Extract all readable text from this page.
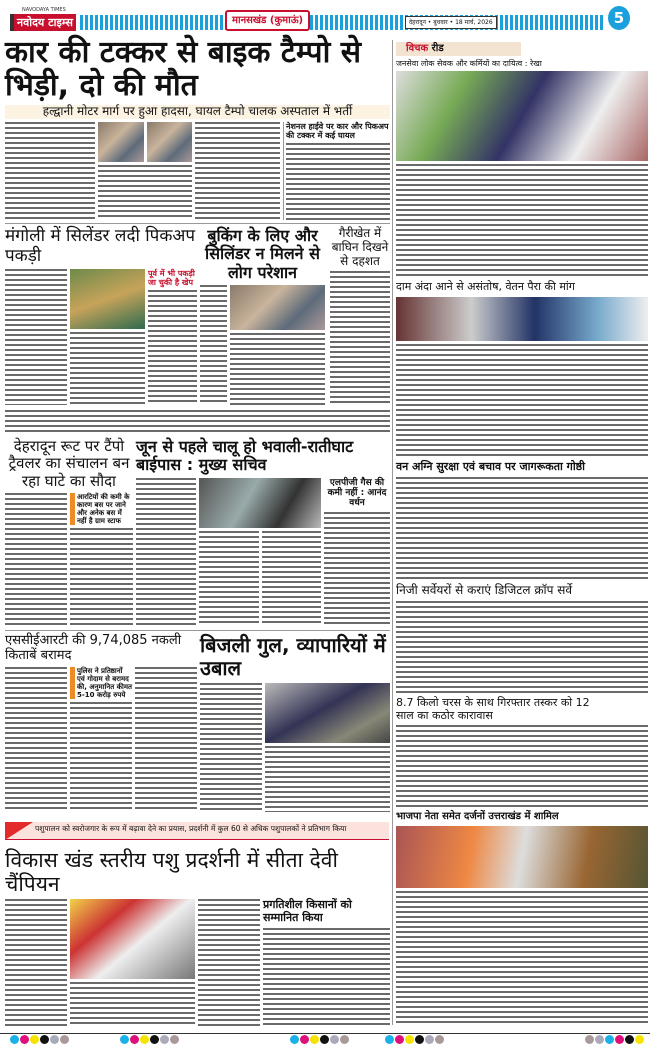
NAVODAYA TIMES
नवोदय टाइम्स	मानसखंड (कुमाऊं)	देहरादून • बुधवार • 18 मार्च, 2026	5
कार की टक्कर से बाइक टैम्पो से भिड़ी, दो की मौत
हल्द्वानी मोटर मार्ग पर हुआ हादसा, घायल टैम्पो चालक अस्पताल में भर्ती
नेशनल हाईवे पर कार और पिकअप की टक्कर में कई घायल
मंगोली में सिलेंडर लदी पिकअप पकड़ी
पूर्व में भी पकड़ी जा चुकी है खेप
बुकिंग के लिए और सिलिंडर न मिलने से लोग परेशान
गैरीखेत में बाघिन दिखने से दहशत
देहरादून रूट पर टैंपो ट्रैवलर का संचालन बन रहा घाटे का सौदा
आरटियों की कमी के कारण बस पर जाने और अनेक बस में नहीं है ग्राम स्टाफ
जून से पहले चालू हो भवाली-रातीघाट बाईपास : मुख्य सचिव
एलपीजी गैस की कमी नहीं : आनंद वर्धन
एससीईआरटी की 9,74,085 नकली किताबें बरामद
पुलिस ने प्रतिष्ठानों एवं गोदाम से बरामद की, अनुमानित कीमत 5-10 करोड़ रुपये
बिजली गुल, व्यापारियों में उबाल
पशुपालन को स्वरोजगार के रूप में बढ़ावा देने का प्रयास, प्रदर्शनी में कुल 60 से अधिक पशुपालकों ने प्रतिभाग किया
विकास खंड स्तरीय पशु प्रदर्शनी में सीता देवी चैंपियन
प्रगतिशील किसानों को सम्मानित किया
विचक रीड
जनसेवा लोक सेवक और कर्मियों का दायित्व : रेखा
दाम अंदा आने से असंतोष, वेतन पैरा की मांग
वन अग्नि सुरक्षा एवं बचाव पर जागरूकता गोष्ठी
निजी सर्वेयरों से कराएं डिजिटल क्रॉप सर्वे
8.7 किलो चरस के साथ गिरफ्तार तस्कर को 12 साल का कठोर कारावास
भाजपा नेता समेत दर्जनों उत्तराखंड में शामिल
